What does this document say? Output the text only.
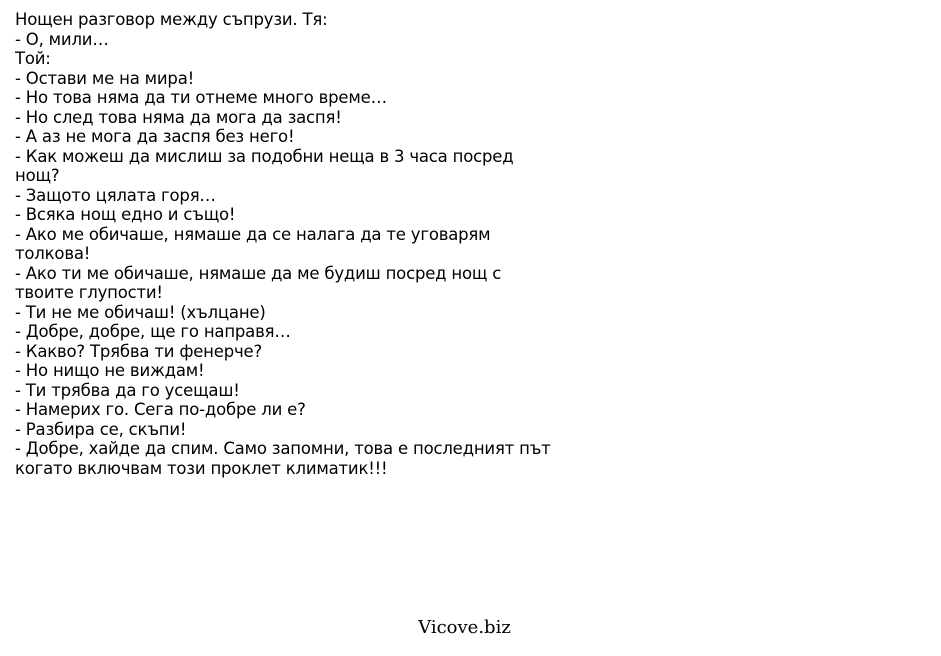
Нощен разговор между съпрузи. Тя:
- О, мили…
Той:
- Остави ме на мира!
- Но това няма да ти отнеме много време…
- Но след това няма да мога да заспя!
- А аз не мога да заспя без него!
- Как можеш да мислиш за подобни неща в 3 часа посред нощ?
- Защото цялата горя…
- Всяка нощ едно и също!
- Ако ме обичаше, нямаше да се налага да те уговарям толкова!
- Ако ти ме обичаше, нямаше да ме будиш посред нощ с твоите глупости!
- Ти не ме обичаш! (хълцане)
- Добре, добре, ще го направя…
- Какво? Трябва ти фенерче?
- Но нищо не виждам!
- Ти трябва да го усещаш!
- Намерих го. Сега по-добре ли е?
- Разбира се, скъпи!
- Добре, хайде да спим. Само запомни, това е последният път когато включвам този проклет климатик!!!
Vicove.biz
